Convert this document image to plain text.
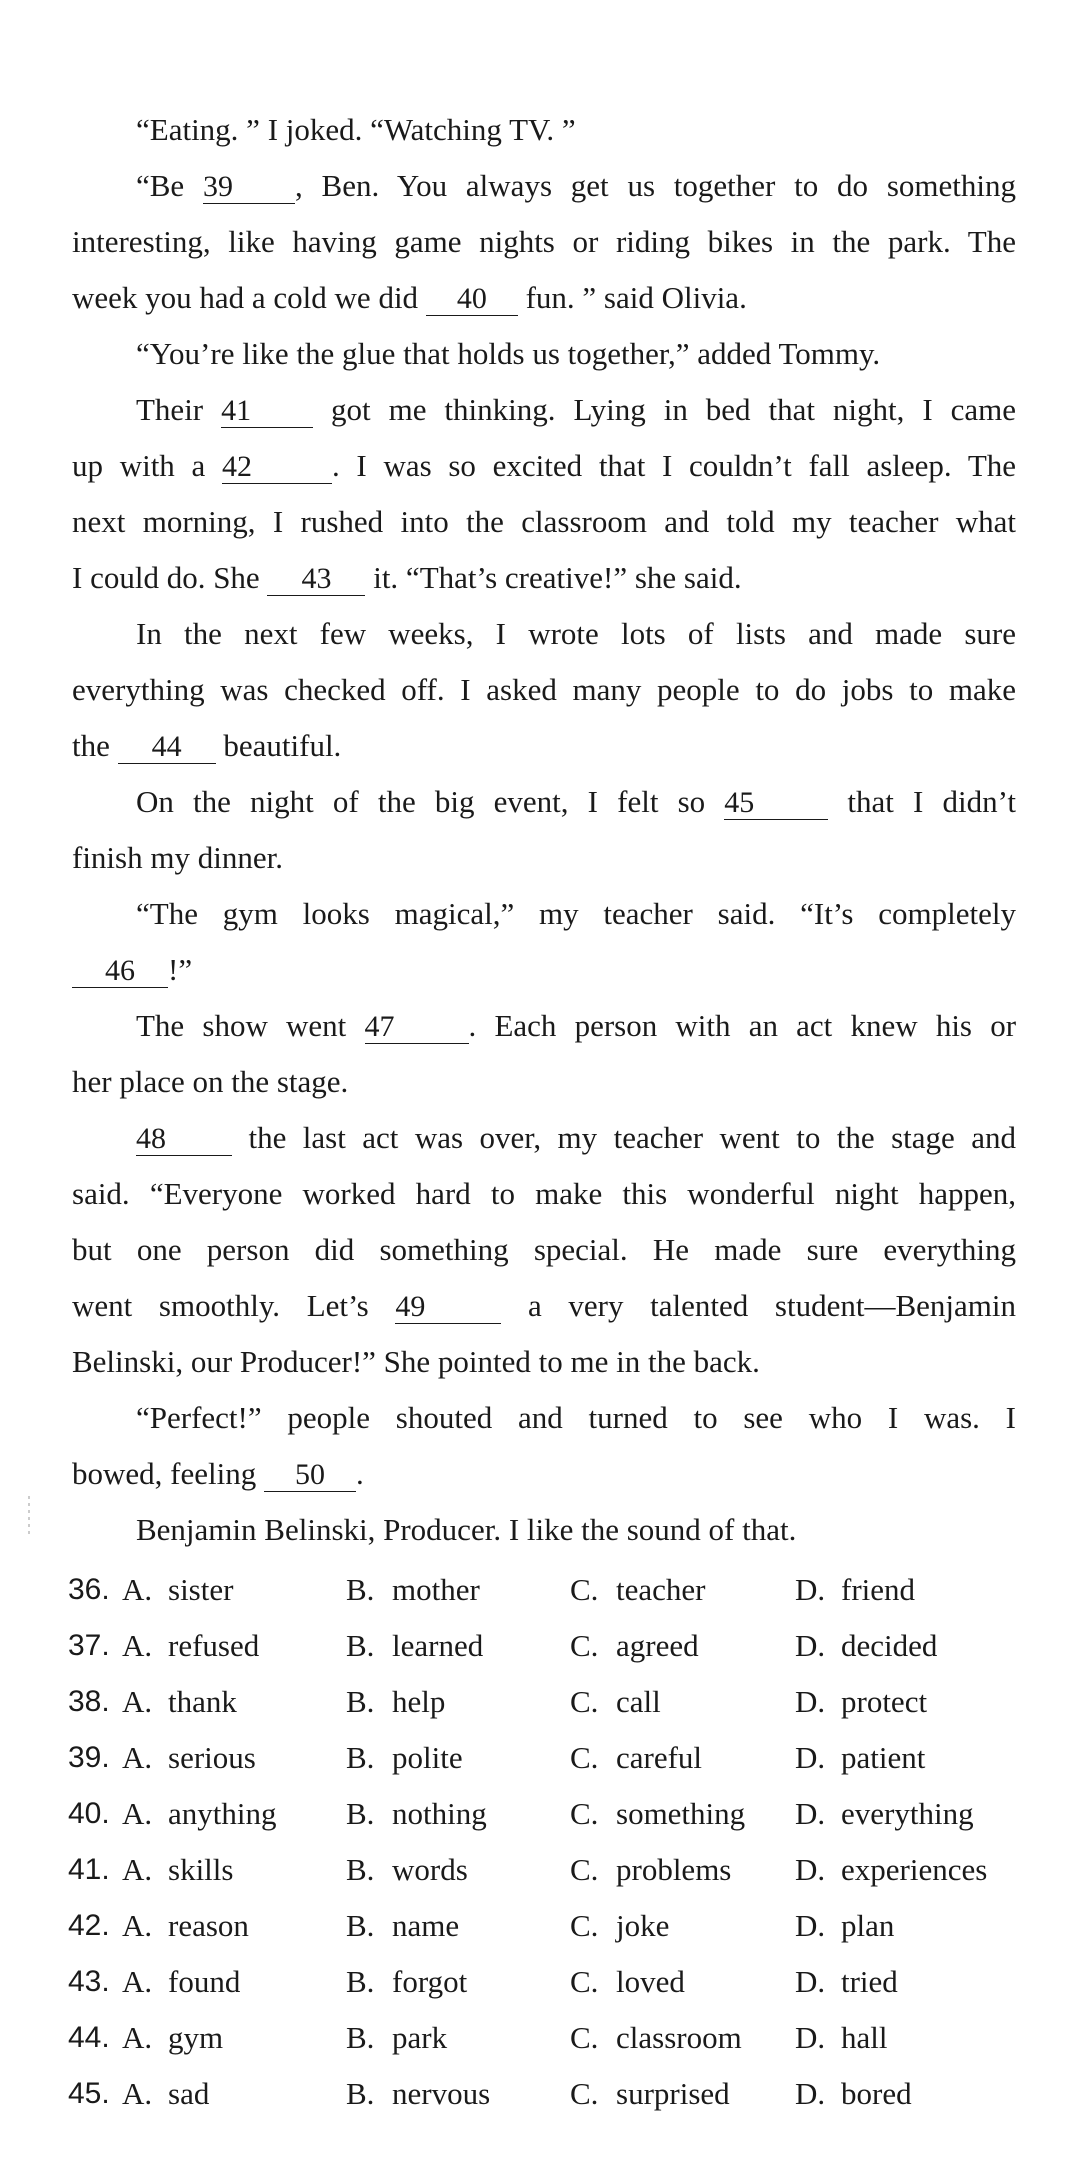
“Eating. ” I joked. “Watching TV. ”
“Be 39 , Ben. You always get us together to do something
interesting, like having game nights or riding bikes in the park. The
week you had a cold we did 40 fun. ” said Olivia.
“You’re like the glue that holds us together,” added Tommy.
Their 41	got me thinking. Lying in bed that night, I came
up with a 42	. I was so excited that I couldn’t fall asleep. The
next morning, I rushed into the classroom and told my teacher what
I could do. She 43 it. “That’s creative!” she said.
In the next few weeks, I wrote lots of lists and made sure
everything was checked off. I asked many people to do jobs to make
the 44 beautiful.
On the night of the big event, I felt so 45	that I didn’t
finish my dinner.
“The gym looks magical,” my teacher said. “It’s completely
46 !”
The show went 47 . Each person with an act knew his or
her place on the stage.
48	the last act was over, my teacher went to the stage and
said. “Everyone worked hard to make this wonderful night happen,
but one person did something special. He made sure everything
went smoothly. Let’s 49	a very talented student—Benjamin
Belinski, our Producer!” She pointed to me in the back.
“Perfect!” people shouted and turned to see who I was. I
bowed, feeling 50 .
Benjamin Belinski, Producer. I like the sound of that.
36. A. sister	B. mother	C. teacher	D. friend
37. A. refused	B. learned	C. agreed	D. decided
38. A. thank	B. help	C. call	D. protect
39. A. serious	B. polite	C. careful	D. patient
40. A. anything B. nothing	C. something D. everything
41. A. skills	B. words	C. problems D. experiences
42. A. reason	B. name	C. joke	D. plan
43. A. found	B. forgot	C. loved	D. tried
44. A. gym	B. park	C. classroom D. hall
45. A. sad	B. nervous	C. surprised D. bored
